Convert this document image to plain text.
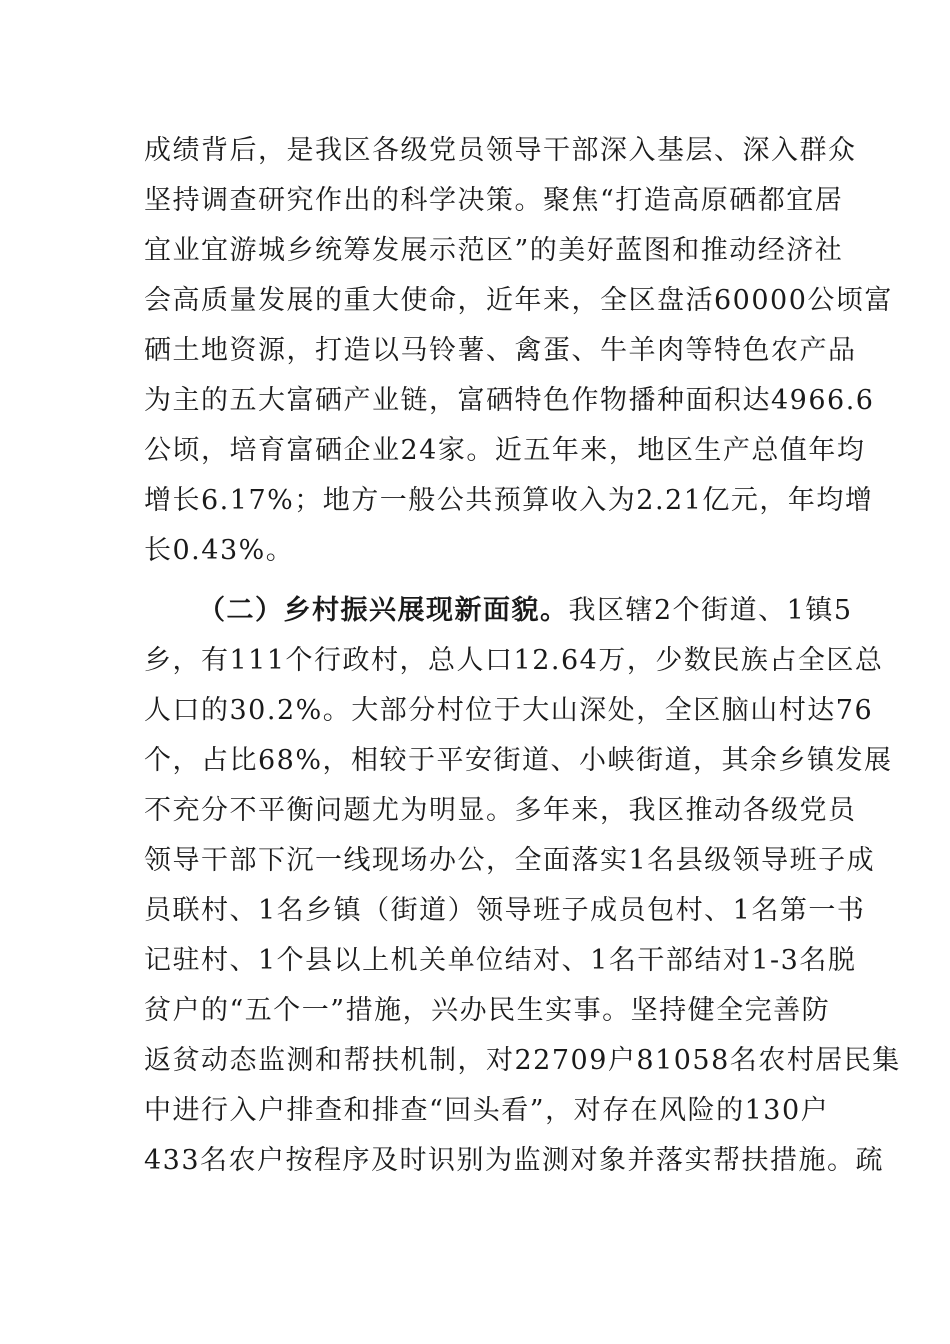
成绩背后，是我区各级党员领导干部深入基层、深入群众
坚持调查研究作出的科学决策。聚焦“打造高原硒都宜居
宜业宜游城乡统筹发展示范区”的美好蓝图和推动经济社
会高质量发展的重大使命，近年来，全区盘活60000公顷富
硒土地资源，打造以马铃薯、禽蛋、牛羊肉等特色农产品
为主的五大富硒产业链，富硒特色作物播种面积达4966.6
公顷，培育富硒企业24家。近五年来，地区生产总值年均
增长6.17%；地方一般公共预算收入为2.21亿元，年均增
长0.43%。
（二）乡村振兴展现新面貌。我区辖2个街道、1镇5
乡，有111个行政村，总人口12.64万，少数民族占全区总
人口的30.2%。大部分村位于大山深处，全区脑山村达76
个，占比68%，相较于平安街道、小峡街道，其余乡镇发展
不充分不平衡问题尤为明显。多年来，我区推动各级党员
领导干部下沉一线现场办公，全面落实1名县级领导班子成
员联村、1名乡镇（街道）领导班子成员包村、1名第一书
记驻村、1个县以上机关单位结对、1名干部结对1-3名脱
贫户的“五个一”措施，兴办民生实事。坚持健全完善防
返贫动态监测和帮扶机制，对22709户81058名农村居民集
中进行入户排查和排查“回头看”，对存在风险的130户
433名农户按程序及时识别为监测对象并落实帮扶措施。疏
